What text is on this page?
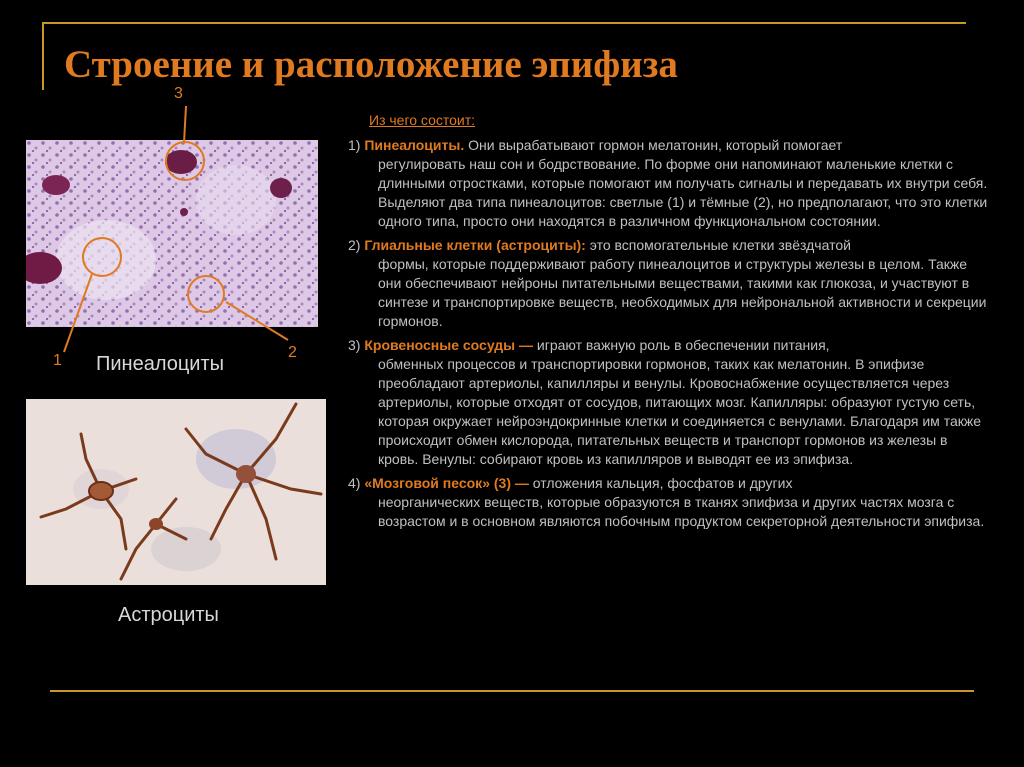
Строение и расположение эпифиза
3
1	2
Пинеалоциты
Астроциты
Из чего состоит:
1) Пинеалоциты. Они вырабатывают гормон мелатонин, который помогает
регулировать наш сон и бодрствование. По форме они напоминают маленькие клетки с длинными отростками, которые помогают им получать сигналы и передавать их внутри себя. Выделяют два типа пинеалоцитов: светлые (1) и тёмные (2), но предполагают, что это клетки одного типа, просто они находятся в различном функциональном состоянии.
2) Глиальные клетки (астроциты): это вспомогательные клетки звёздчатой
формы, которые поддерживают работу пинеалоцитов и структуры железы в целом. Также они обеспечивают нейроны питательными веществами, такими как глюкоза, и участвуют в синтезе и транспортировке веществ, необходимых для нейрональной активности и секреции гормонов.
3) Кровеносные сосуды — играют важную роль в обеспечении питания,
обменных процессов и транспортировки гормонов, таких как мелатонин. В эпифизе преобладают артериолы, капилляры и венулы. Кровоснабжение осуществляется через артериолы, которые отходят от сосудов, питающих мозг. Капилляры: образуют густую сеть, которая окружает нейроэндокринные клетки и соединяется с венулами. Благодаря им также происходит обмен кислорода, питательных веществ и транспорт гормонов из железы в кровь. Венулы: собирают кровь из капилляров и выводят ее из эпифиза.
4) «Мозговой песок» (3) — отложения кальция, фосфатов и других
неорганических веществ, которые образуются в тканях эпифиза и других частях мозга с возрастом и в основном являются побочным продуктом секреторной деятельности эпифиза.
